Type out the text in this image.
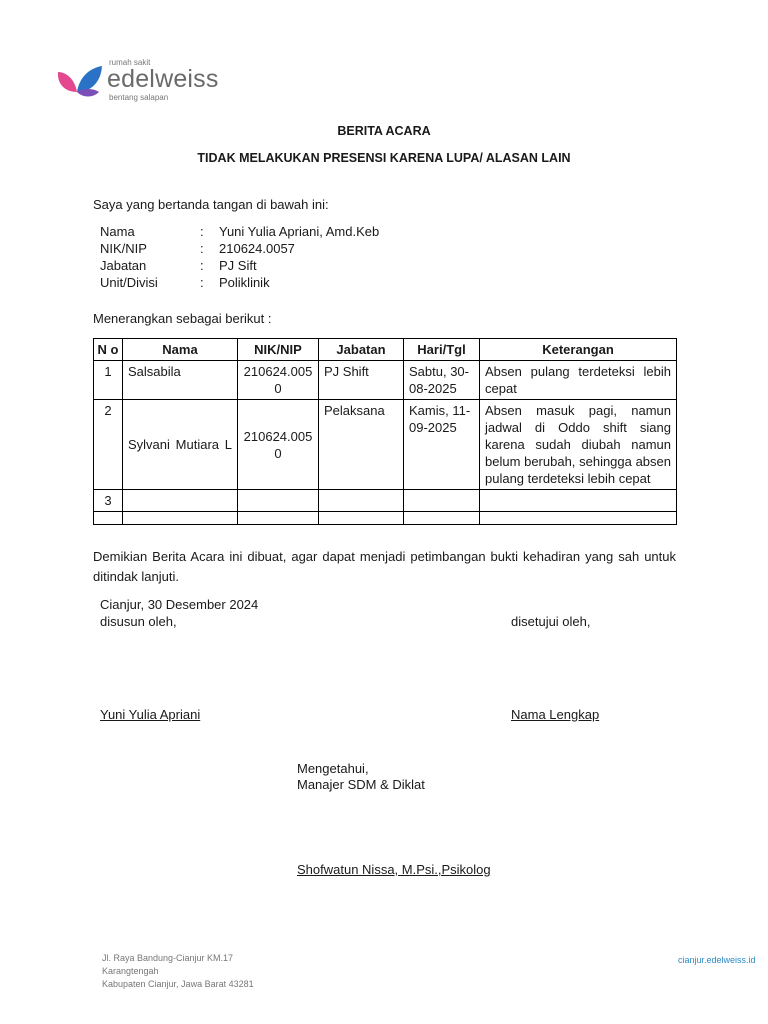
rumah sakit
edelweiss
bentang salapan
BERITA ACARA
TIDAK MELAKUKAN PRESENSI KARENA LUPA/ ALASAN LAIN
Saya yang bertanda tangan di bawah ini:
Nama	:	Yuni Yulia Apriani, Amd.Keb
NIK/NIP	:	210624.0057
Jabatan	:	PJ Sift
Unit/Divisi	:	Poliklinik
Menerangkan sebagai berikut :
N o	Nama	NIK/NIP	Jabatan	Hari/Tgl	Keterangan
1	Salsabila	210624.005 0	PJ Shift	Sabtu, 30-08-2025	Absen pulang terdeteksi lebih cepat
2	Sylvani Mutiara L	210624.005 0	Pelaksana	Kamis, 11-09-2025	Absen masuk pagi, namun jadwal di Oddo shift siang karena sudah diubah namun belum berubah, sehingga absen pulang terdeteksi lebih cepat
3					

Demikian Berita Acara ini dibuat, agar dapat menjadi petimbangan bukti kehadiran yang sah untuk ditindak lanjuti.
Cianjur, 30 Desember 2024
disusun oleh,	disetujui oleh,
Yuni Yulia Apriani	Nama Lengkap
Mengetahui,
Manajer SDM & Diklat
Shofwatun Nissa, M.Psi.,Psikolog
Jl. Raya Bandung-Cianjur KM.17
Karangtengah
Kabupaten Cianjur, Jawa Barat 43281
cianjur.edelweiss.id
